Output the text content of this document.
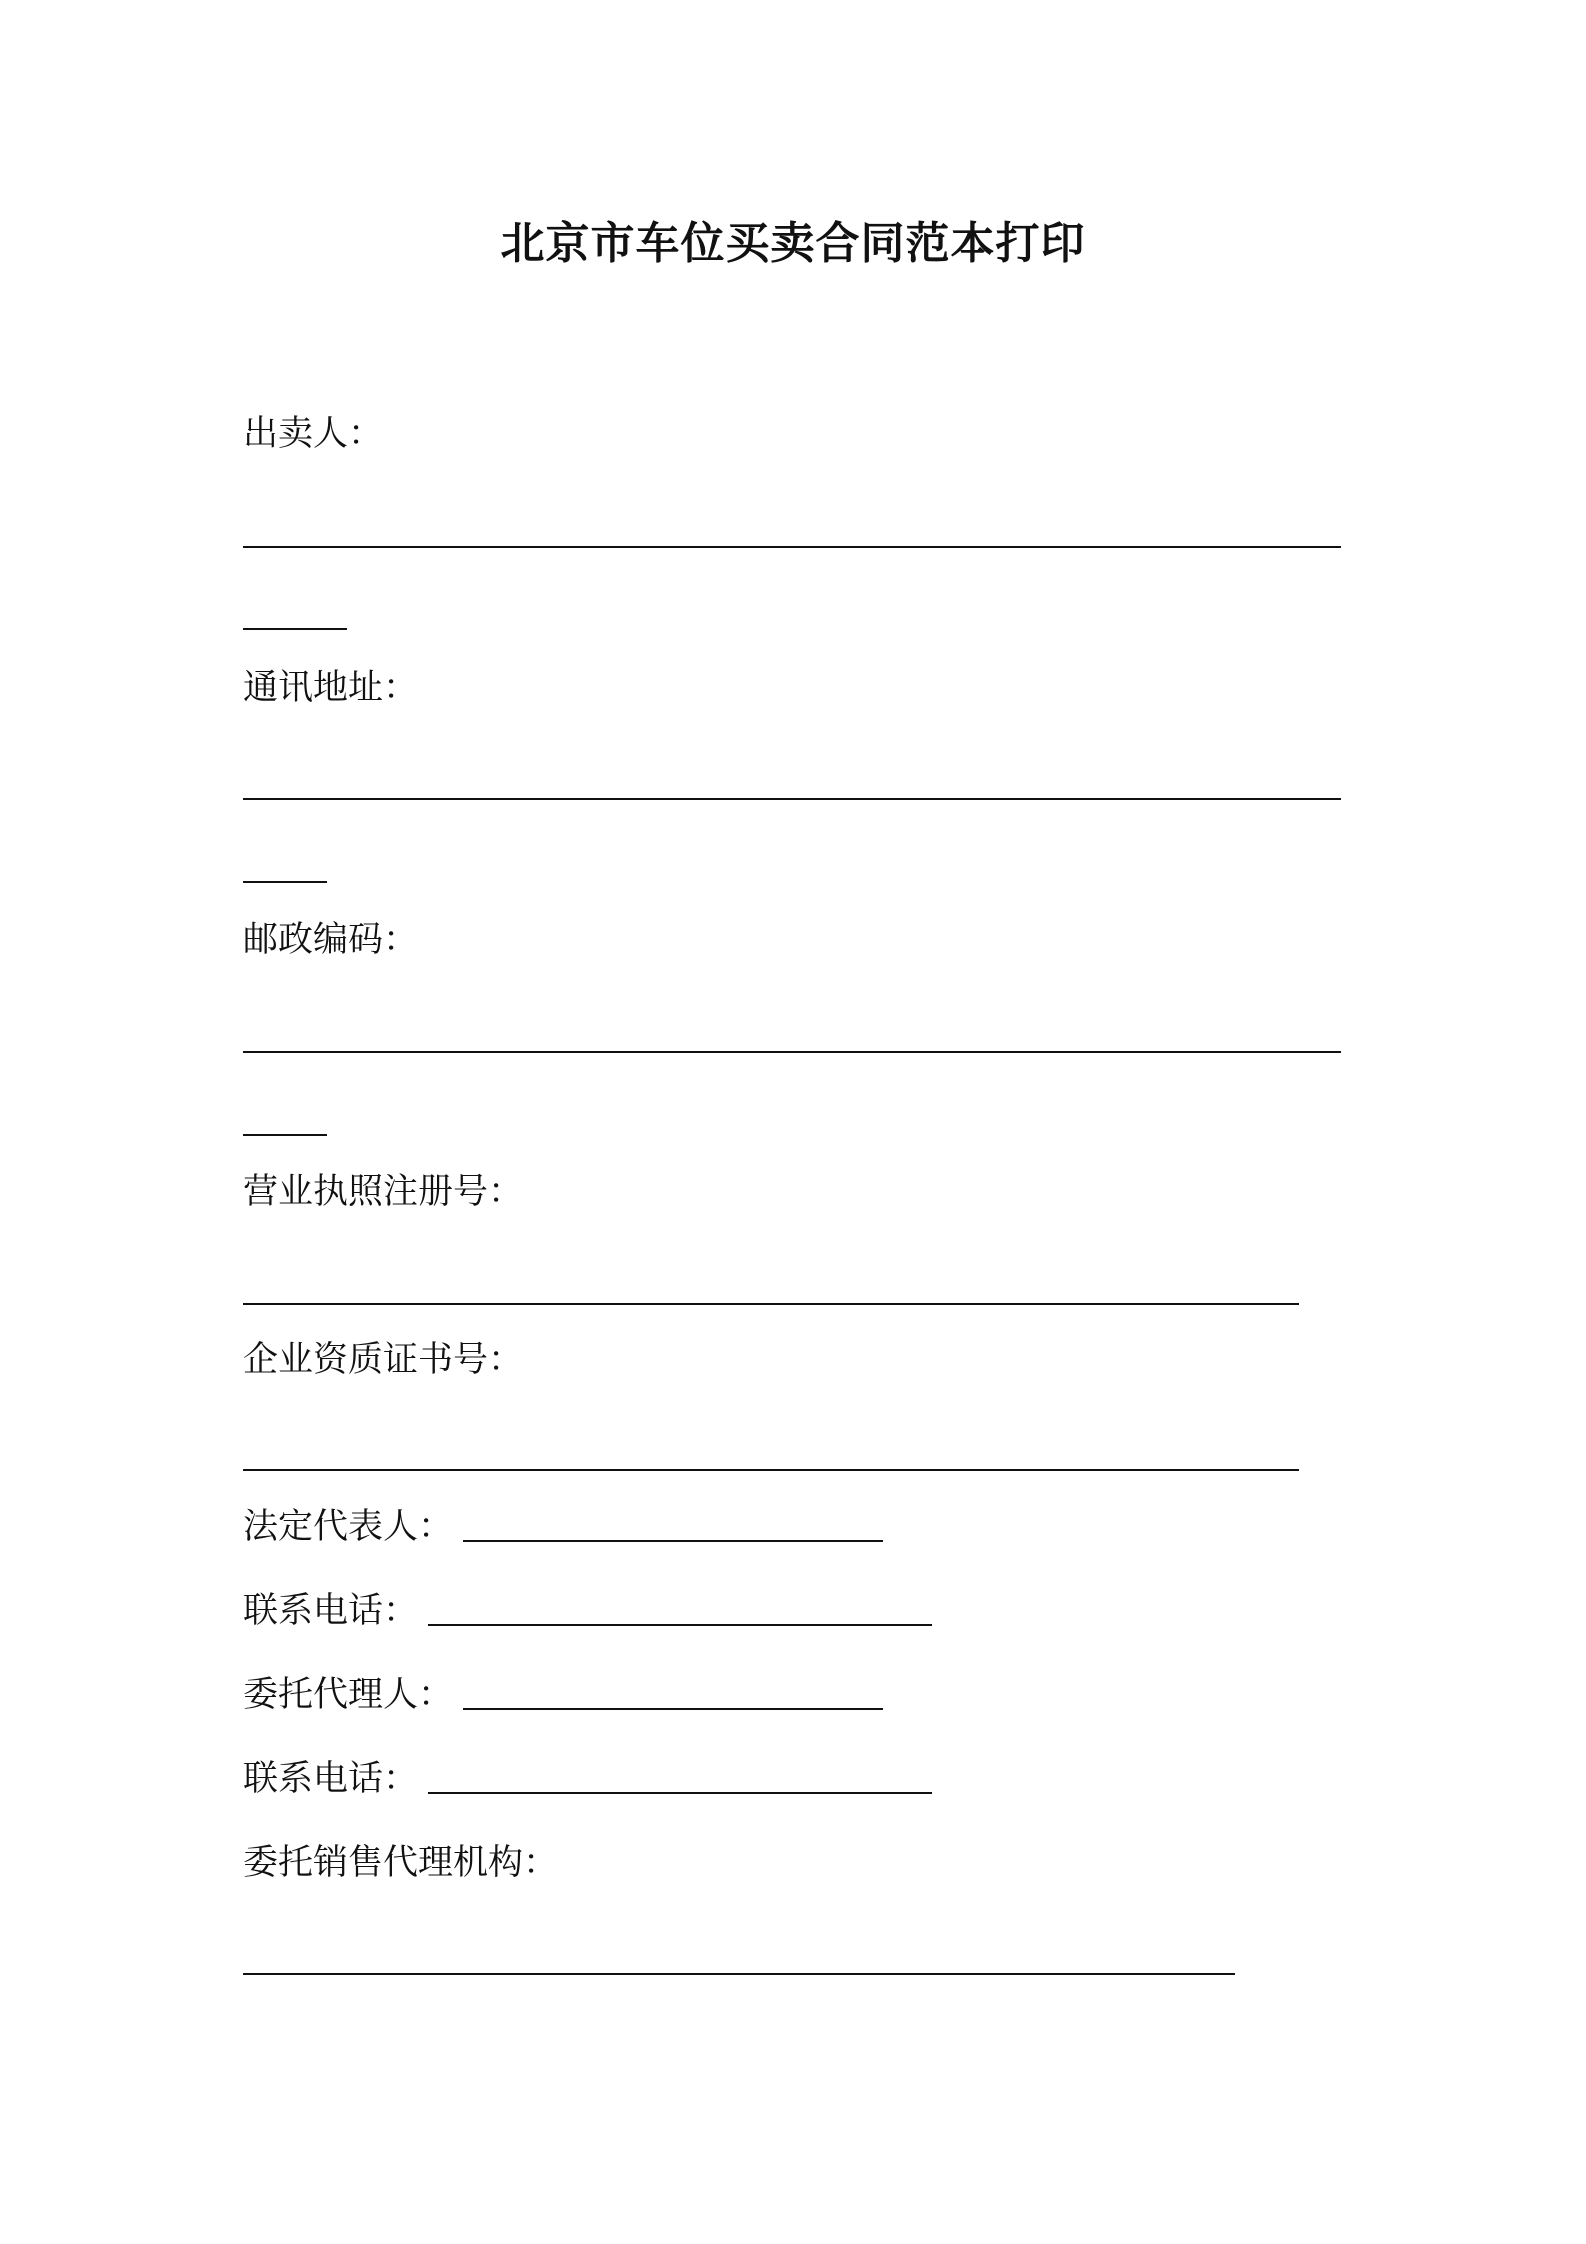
北京市车位买卖合同范本打印
出卖人：
通讯地址：
邮政编码：
营业执照注册号：
企业资质证书号：
法定代表人：
联系电话：
委托代理人：
联系电话：
委托销售代理机构：
